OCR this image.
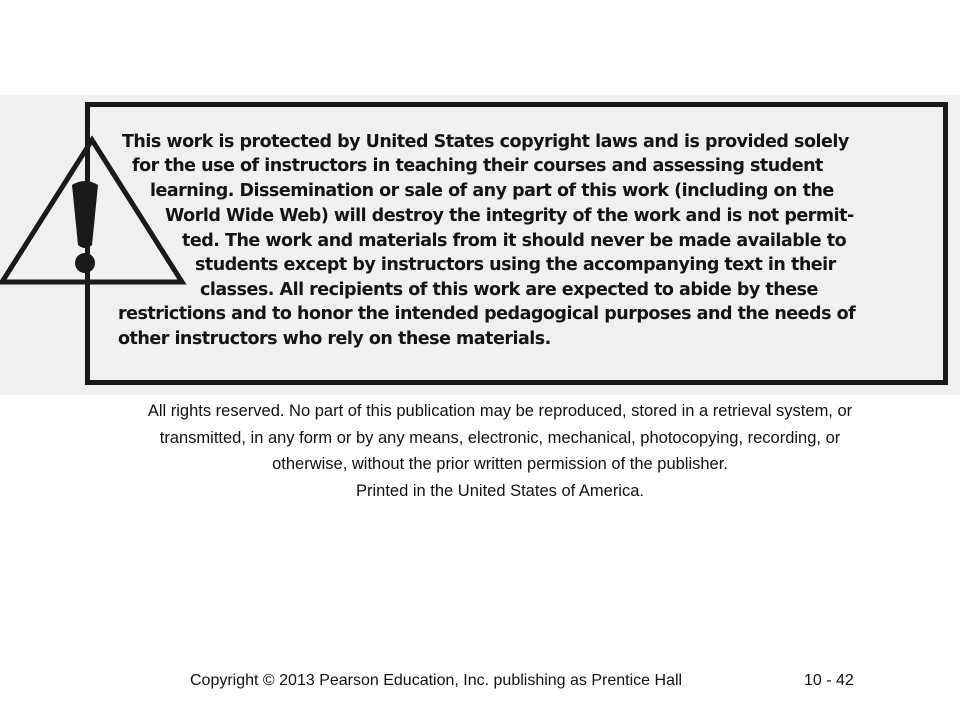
This work is protected by United States copyright laws and is provided solely
for the use of instructors in teaching their courses and assessing student
learning. Dissemination or sale of any part of this work (including on the
World Wide Web) will destroy the integrity of the work and is not permit-
ted. The work and materials from it should never be made available to
students except by instructors using the accompanying text in their
classes. All recipients of this work are expected to abide by these
restrictions and to honor the intended pedagogical purposes and the needs of
other instructors who rely on these materials.
All rights reserved. No part of this publication may be reproduced, stored in a retrieval system, or
transmitted, in any form or by any means, electronic, mechanical, photocopying, recording, or
otherwise, without the prior written permission of the publisher.
Printed in the United States of America.
Copyright © 2013 Pearson Education, Inc. publishing as Prentice Hall	10 - 42
